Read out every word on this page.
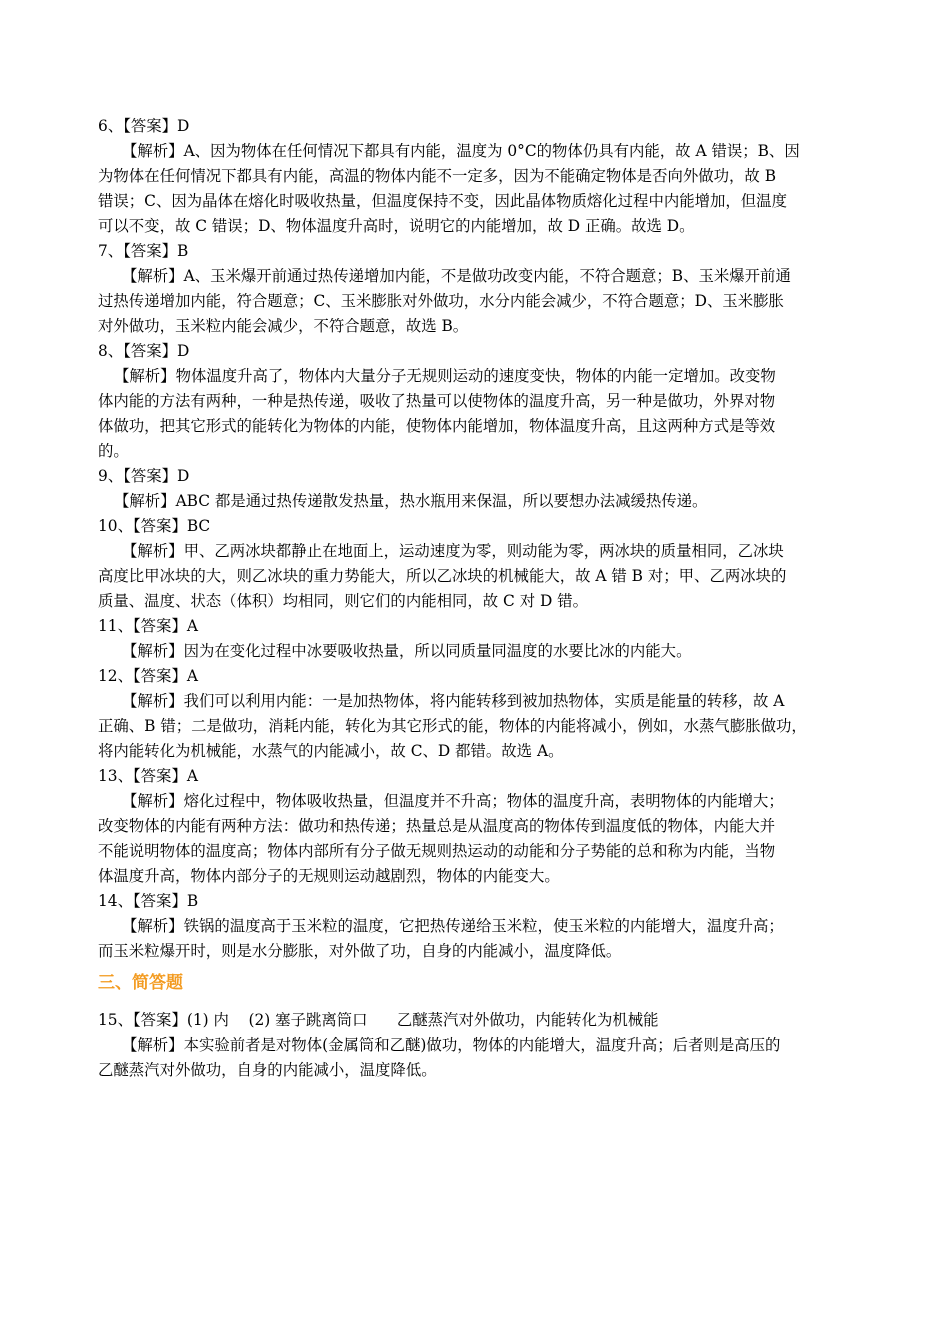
6、【答案】D
【解析】A、因为物体在任何情况下都具有内能，温度为 0°C的物体仍具有内能，故 A 错误；B、因
为物体在任何情况下都具有内能，高温的物体内能不一定多，因为不能确定物体是否向外做功，故 B
错误；C、因为晶体在熔化时吸收热量，但温度保持不变，因此晶体物质熔化过程中内能增加，但温度
可以不变，故 C 错误；D、物体温度升高时，说明它的内能增加，故 D 正确。故选 D。
7、【答案】B
【解析】A、玉米爆开前通过热传递增加内能，不是做功改变内能，不符合题意；B、玉米爆开前通
过热传递增加内能，符合题意；C、玉米膨胀对外做功，水分内能会减少，不符合题意；D、玉米膨胀
对外做功，玉米粒内能会减少，不符合题意，故选 B。
8、【答案】D
【解析】物体温度升高了，物体内大量分子无规则运动的速度变快，物体的内能一定增加。改变物
体内能的方法有两种，一种是热传递，吸收了热量可以使物体的温度升高，另一种是做功，外界对物
体做功，把其它形式的能转化为物体的内能，使物体内能增加，物体温度升高，且这两种方式是等效
的。
9、【答案】D
【解析】ABC 都是通过热传递散发热量，热水瓶用来保温，所以要想办法减缓热传递。
10、【答案】BC
【解析】甲、乙两冰块都静止在地面上，运动速度为零，则动能为零，两冰块的质量相同，乙冰块
高度比甲冰块的大，则乙冰块的重力势能大，所以乙冰块的机械能大，故 A 错 B 对；甲、乙两冰块的
质量、温度、状态（体积）均相同，则它们的内能相同，故 C 对 D 错。
11、【答案】A
【解析】因为在变化过程中冰要吸收热量，所以同质量同温度的水要比冰的内能大。
12、【答案】A
【解析】我们可以利用内能：一是加热物体，将内能转移到被加热物体，实质是能量的转移，故 A
正确、B 错；二是做功，消耗内能，转化为其它形式的能，物体的内能将减小，例如，水蒸气膨胀做功，
将内能转化为机械能，水蒸气的内能减小，故 C、D 都错。故选 A。
13、【答案】A
【解析】熔化过程中，物体吸收热量，但温度并不升高；物体的温度升高，表明物体的内能增大；
改变物体的内能有两种方法：做功和热传递；热量总是从温度高的物体传到温度低的物体，内能大并
不能说明物体的温度高；物体内部所有分子做无规则热运动的动能和分子势能的总和称为内能，当物
体温度升高，物体内部分子的无规则运动越剧烈，物体的内能变大。
14、【答案】B
【解析】铁锅的温度高于玉米粒的温度，它把热传递给玉米粒，使玉米粒的内能增大，温度升高；
而玉米粒爆开时，则是水分膨胀，对外做了功，自身的内能减小，温度降低。
三、简答题
15、【答案】(1) 内    (2) 塞子跳离筒口      乙醚蒸汽对外做功，内能转化为机械能
【解析】本实验前者是对物体(金属筒和乙醚)做功，物体的内能增大，温度升高；后者则是高压的
乙醚蒸汽对外做功，自身的内能减小，温度降低。
